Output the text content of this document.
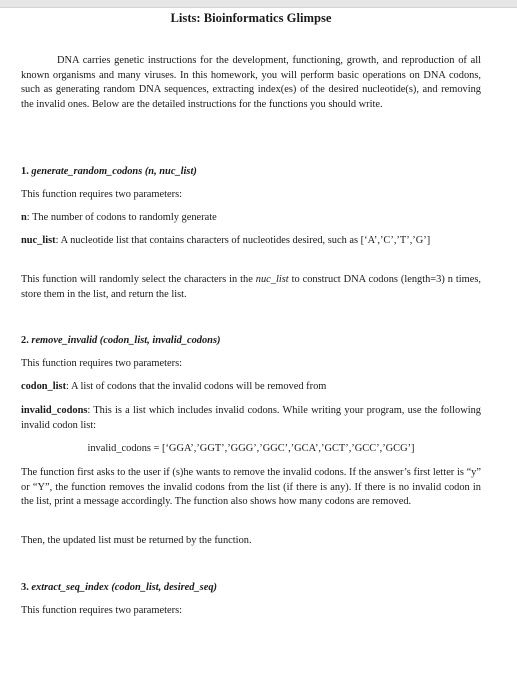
Lists: Bioinformatics Glimpse

DNA carries genetic instructions for the development, functioning, growth, and reproduction of all known organisms and many viruses. In this homework, you will perform basic operations on DNA codons, such as generating random DNA sequences, extracting index(es) of the desired nucleotide(s), and removing the invalid ones. Below are the detailed instructions for the functions you should write.

1. generate_random_codons (n, nuc_list)

This function requires two parameters:

n: The number of codons to randomly generate

nuc_list: A nucleotide list that contains characters of nucleotides desired, such as [‘A’,’C’,’T’,’G’]

This function will randomly select the characters in the nuc_list to construct DNA codons (length=3) n times, store them in the list, and return the list.

2. remove_invalid (codon_list, invalid_codons)

This function requires two parameters:

codon_list: A list of codons that the invalid codons will be removed from

invalid_codons: This is a list which includes invalid codons. While writing your program, use the following invalid codon list:

invalid_codons = [‘GGA’,’GGT’,’GGG’,’GGC’,’GCA’,’GCT’,’GCC’,’GCG’]

The function first asks to the user if (s)he wants to remove the invalid codons. If the answer’s first letter is “y” or “Y”, the function removes the invalid codons from the list (if there is any). If there is no invalid codon in the list, print a message accordingly. The function also shows how many codons are removed.

Then, the updated list must be returned by the function.

3. extract_seq_index (codon_list, desired_seq)

This function requires two parameters:
